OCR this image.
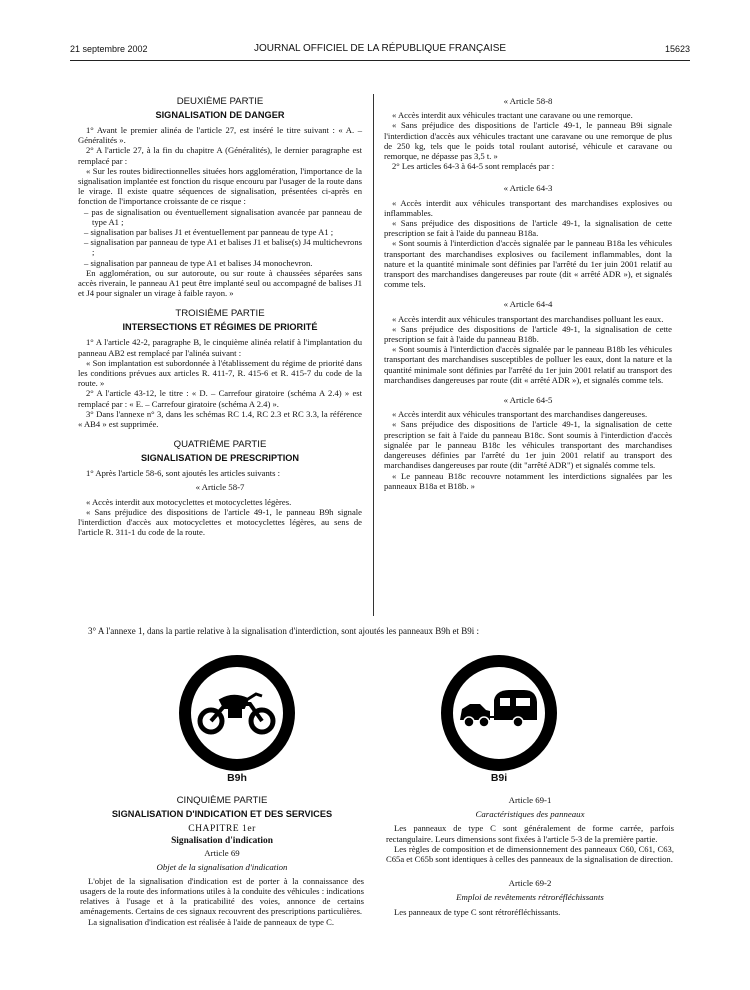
21 septembre 2002	JOURNAL OFFICIEL DE LA RÉPUBLIQUE FRANÇAISE	15623
DEUXIÈME PARTIE
SIGNALISATION DE DANGER

1° Avant le premier alinéa de l'article 27, est inséré le titre suivant : « A. – Généralités ».

2° A l'article 27, à la fin du chapitre A (Généralités), le dernier paragraphe est remplacé par :

« Sur les routes bidirectionnelles situées hors agglomération, l'importance de la signalisation implantée est fonction du risque encouru par l'usager de la route dans le virage. Il existe quatre séquences de signalisation, présentées ci-après en fonction de l'importance croissante de ce risque :

– pas de signalisation ou éventuellement signalisation avancée par panneau de type A1 ;

– signalisation par balises J1 et éventuellement par panneau de type A1 ;

– signalisation par panneau de type A1 et balises J1 et balise(s) J4 multichevrons ;

– signalisation par panneau de type A1 et balises J4 monochevron.

En agglomération, ou sur autoroute, ou sur route à chaussées séparées sans accès riverain, le panneau A1 peut être implanté seul ou accompagné de balises J1 et J4 pour signaler un virage à faible rayon. »

TROISIÈME PARTIE
INTERSECTIONS ET RÉGIMES DE PRIORITÉ

1° A l'article 42-2, paragraphe B, le cinquième alinéa relatif à l'implantation du panneau AB2 est remplacé par l'alinéa suivant :

« Son implantation est subordonnée à l'établissement du régime de priorité dans les conditions prévues aux articles R. 411-7, R. 415-6 et R. 415-7 du code de la route. »

2° A l'article 43-12, le titre : « D. – Carrefour giratoire (schéma A 2.4) » est remplacé par : « E. – Carrefour giratoire (schéma A 2.4) ».

3° Dans l'annexe n° 3, dans les schémas RC 1.4, RC 2.3 et RC 3.3, la référence « AB4 » est supprimée.

QUATRIÈME PARTIE
SIGNALISATION DE PRESCRIPTION

1° Après l'article 58-6, sont ajoutés les articles suivants :

« Article 58-7

« Accès interdit aux motocyclettes et motocyclettes légères.

« Sans préjudice des dispositions de l'article 49-1, le panneau B9h signale l'interdiction d'accès aux motocyclettes et motocyclettes légères, au sens de l'article R. 311-1 du code de la route.

« Article 58-8

« Accès interdit aux véhicules tractant une caravane ou une remorque.

« Sans préjudice des dispositions de l'article 49-1, le panneau B9i signale l'interdiction d'accès aux véhicules tractant une caravane ou une remorque de plus de 250 kg, tels que le poids total roulant autorisé, véhicule et caravane ou remorque, ne dépasse pas 3,5 t. »

2° Les articles 64-3 à 64-5 sont remplacés par :

« Article 64-3

« Accès interdit aux véhicules transportant des marchandises explosives ou inflammables.

« Sans préjudice des dispositions de l'article 49-1, la signalisation de cette prescription se fait à l'aide du panneau B18a.

« Sont soumis à l'interdiction d'accès signalée par le panneau B18a les véhicules transportant des marchandises explosives ou facilement inflammables, dont la nature et la quantité minimale sont définies par l'arrêté du 1er juin 2001 relatif au transport des marchandises dangereuses par route (dit « arrêté ADR »), et signalés comme tels.

« Article 64-4

« Accès interdit aux véhicules transportant des marchandises polluant les eaux.

« Sans préjudice des dispositions de l'article 49-1, la signalisation de cette prescription se fait à l'aide du panneau B18b.

« Sont soumis à l'interdiction d'accès signalée par le panneau B18b les véhicules transportant des marchandises susceptibles de polluer les eaux, dont la nature et la quantité minimale sont définies par l'arrêté du 1er juin 2001 relatif au transport des marchandises dangereuses par route (dit « arrêté ADR »), et signalés comme tels.

« Article 64-5

« Accès interdit aux véhicules transportant des marchandises dangereuses.

« Sans préjudice des dispositions de l'article 49-1, la signalisation de cette prescription se fait à l'aide du panneau B18c. Sont soumis à l'interdiction d'accès signalée par le panneau B18c les véhicules transportant des marchandises dangereuses définies par l'arrêté du 1er juin 2001 relatif au transport des marchandises dangereuses par route (dit "arrêté ADR") et signalés comme tels.

« Le panneau B18c recouvre notamment les interdictions signalées par les panneaux B18a et B18b. »

3° A l'annexe 1, dans la partie relative à la signalisation d'interdiction, sont ajoutés les panneaux B9h et B9i :
B9h	B9i
CINQUIÈME PARTIE
SIGNALISATION D'INDICATION ET DES SERVICES
CHAPITRE 1er
Signalisation d'indication
Article 69
Objet de la signalisation d'indication

L'objet de la signalisation d'indication est de porter à la connaissance des usagers de la route des informations utiles à la conduite des véhicules : indications relatives à l'usage et à la praticabilité des voies, annonce de certains aménagements. Certains de ces signaux recouvrent des prescriptions particulières.

La signalisation d'indication est réalisée à l'aide de panneaux de type C.

Article 69-1
Caractéristiques des panneaux

Les panneaux de type C sont généralement de forme carrée, parfois rectangulaire. Leurs dimensions sont fixées à l'article 5-3 de la première partie.

Les règles de composition et de dimensionnement des panneaux C60, C61, C63, C65a et C65b sont identiques à celles des panneaux de la signalisation de direction.

Article 69-2
Emploi de revêtements rétroréfléchissants

Les panneaux de type C sont rétroréfléchissants.
